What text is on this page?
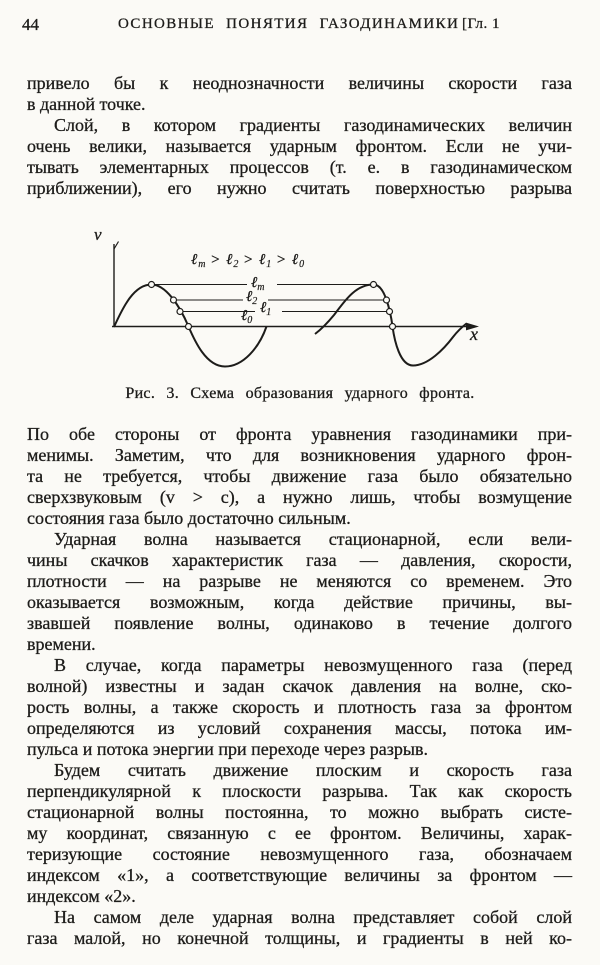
44	ОСНОВНЫЕ ПОНЯТИЯ ГАЗОДИНАМИКИ [Гл. 1
привело бы к неоднозначности величины скорости газа
в данной точке.
Слой, в котором градиенты газодинамических величин
очень велики, называется ударным фронтом. Если не учи-
тывать элементарных процессов (т. е. в газодинамическом
приближении), его нужно считать поверхностью разрыва
v
x
ℓ$_m$ > ℓ$_2$ > ℓ$_1$ > ℓ$_0$
ℓ$_m$
ℓ$_2$ ℓ$_1$
ℓ$_0$
Рис. 3. Схема образования ударного фронта.
По обе стороны от фронта уравнения газодинамики при-
менимы. Заметим, что для возникновения ударного фрон-
та не требуется, чтобы движение газа было обязательно
сверхзвуковым (v > c), а нужно лишь, чтобы возмущение
состояния газа было достаточно сильным.
Ударная волна называется стационарной, если вели-
чины скачков характеристик газа — давления, скорости,
плотности — на разрыве не меняются со временем. Это
оказывается возможным, когда действие причины, вы-
звавшей появление волны, одинаково в течение долгого
времени.
В случае, когда параметры невозмущенного газа (перед
волной) известны и задан скачок давления на волне, ско-
рость волны, а также скорость и плотность газа за фронтом
определяются из условий сохранения массы, потока им-
пульса и потока энергии при переходе через разрыв.
Будем считать движение плоским и скорость газа
перпендикулярной к плоскости разрыва. Так как скорость
стационарной волны постоянна, то можно выбрать систе-
му координат, связанную с ее фронтом. Величины, харак-
теризующие состояние невозмущенного газа, обозначаем
индексом «1», а соответствующие величины за фронтом —
индексом «2».
На самом деле ударная волна представляет собой слой
газа малой, но конечной толщины, и градиенты в ней ко-
